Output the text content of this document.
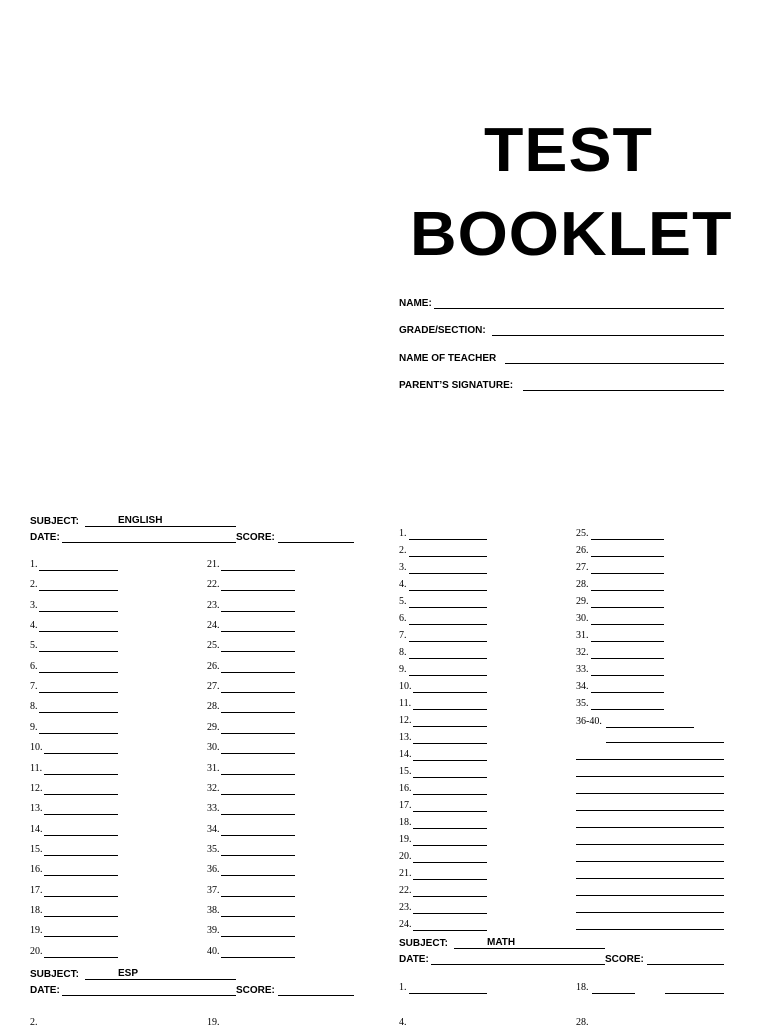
TEST
BOOKLET
NAME:
GRADE/SECTION:
NAME OF TEACHER
PARENT’S SIGNATURE:
SUBJECT:	ENGLISH
DATE:	SCORE:
1.
2.
3.
4.
5.
6.
7.
8.
9.
10.
11.
12.
13.
14.
15.
16.
17.
18.
19.
20.
21.
22.
23.
24.
25.
26.
27.
28.
29.
30.
31.
32.
33.
34.
35.
36.
37.
38.
39.
40.
SUBJECT:	ESP
DATE:	SCORE:
2.	19.
1.
2.
3.
4.
5.
6.
7.
8.
9.
10.
11.
12.
13.
14.
15.
16.
17.
18.
19.
20.
21.
22.
23.
24.
25.
26.
27.
28.
29.
30.
31.
32.
33.
34.
35.
36-40.
SUBJECT:	MATH
DATE:	SCORE:
1.	18.
4.	28.
